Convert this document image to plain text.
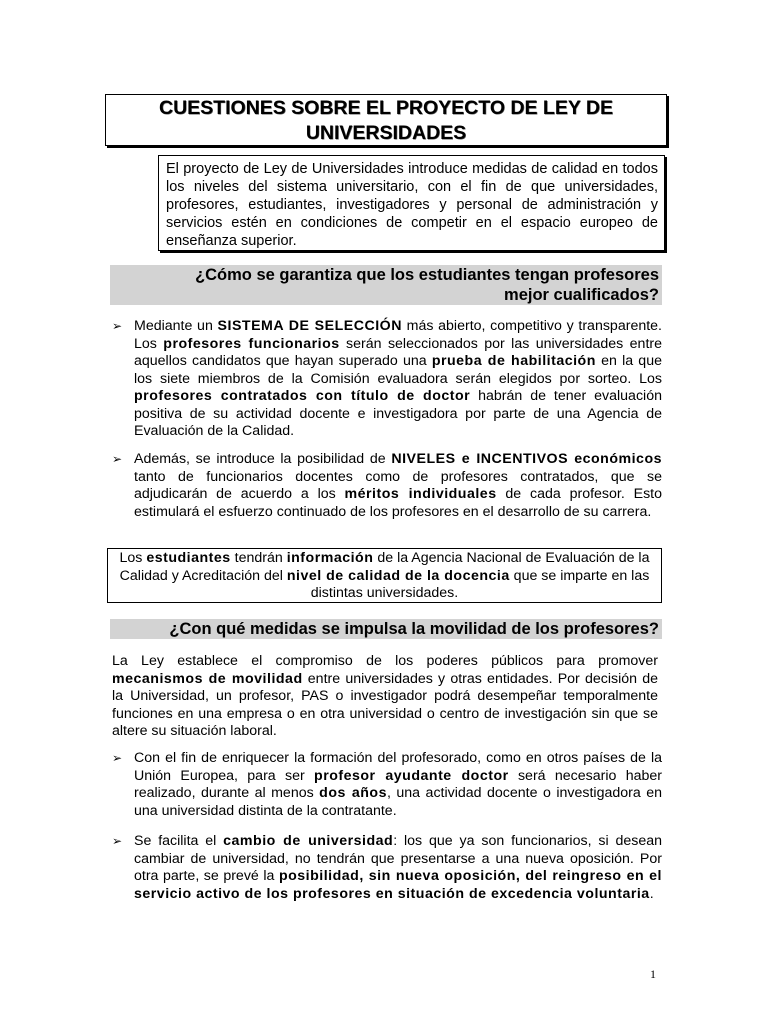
CUESTIONES SOBRE EL PROYECTO DE LEY DE
UNIVERSIDADES
El proyecto de Ley de Universidades introduce medidas de calidad en todos los niveles del sistema universitario, con el fin de que universidades, profesores, estudiantes, investigadores y personal de administración y servicios estén en condiciones de competir en el espacio europeo de enseñanza superior.
¿Cómo se garantiza que los estudiantes tengan profesores
mejor cualificados?
➢ Mediante un SISTEMA DE SELECCIÓN más abierto, competitivo y transparente. Los profesores funcionarios serán seleccionados por las universidades entre aquellos candidatos que hayan superado una prueba de habilitación en la que los siete miembros de la Comisión evaluadora serán elegidos por sorteo. Los profesores contratados con título de doctor habrán de tener evaluación positiva de su actividad docente e investigadora por parte de una Agencia de Evaluación de la Calidad.
➢ Además, se introduce la posibilidad de NIVELES e INCENTIVOS económicos tanto de funcionarios docentes como de profesores contratados, que se adjudicarán de acuerdo a los méritos individuales de cada profesor. Esto estimulará el esfuerzo continuado de los profesores en el desarrollo de su carrera.
Los estudiantes tendrán información de la Agencia Nacional de Evaluación de la Calidad y Acreditación del nivel de calidad de la docencia que se imparte en las distintas universidades.
¿Con qué medidas se impulsa la movilidad de los profesores?
La Ley establece el compromiso de los poderes públicos para promover mecanismos de movilidad entre universidades y otras entidades. Por decisión de la Universidad, un profesor, PAS o investigador podrá desempeñar temporalmente funciones en una empresa o en otra universidad o centro de investigación sin que se altere su situación laboral.
➢ Con el fin de enriquecer la formación del profesorado, como en otros países de la Unión Europea, para ser profesor ayudante doctor será necesario haber realizado, durante al menos dos años, una actividad docente o investigadora en una universidad distinta de la contratante.
➢ Se facilita el cambio de universidad: los que ya son funcionarios, si desean cambiar de universidad, no tendrán que presentarse a una nueva oposición. Por otra parte, se prevé la posibilidad, sin nueva oposición, del reingreso en el servicio activo de los profesores en situación de excedencia voluntaria.
1
